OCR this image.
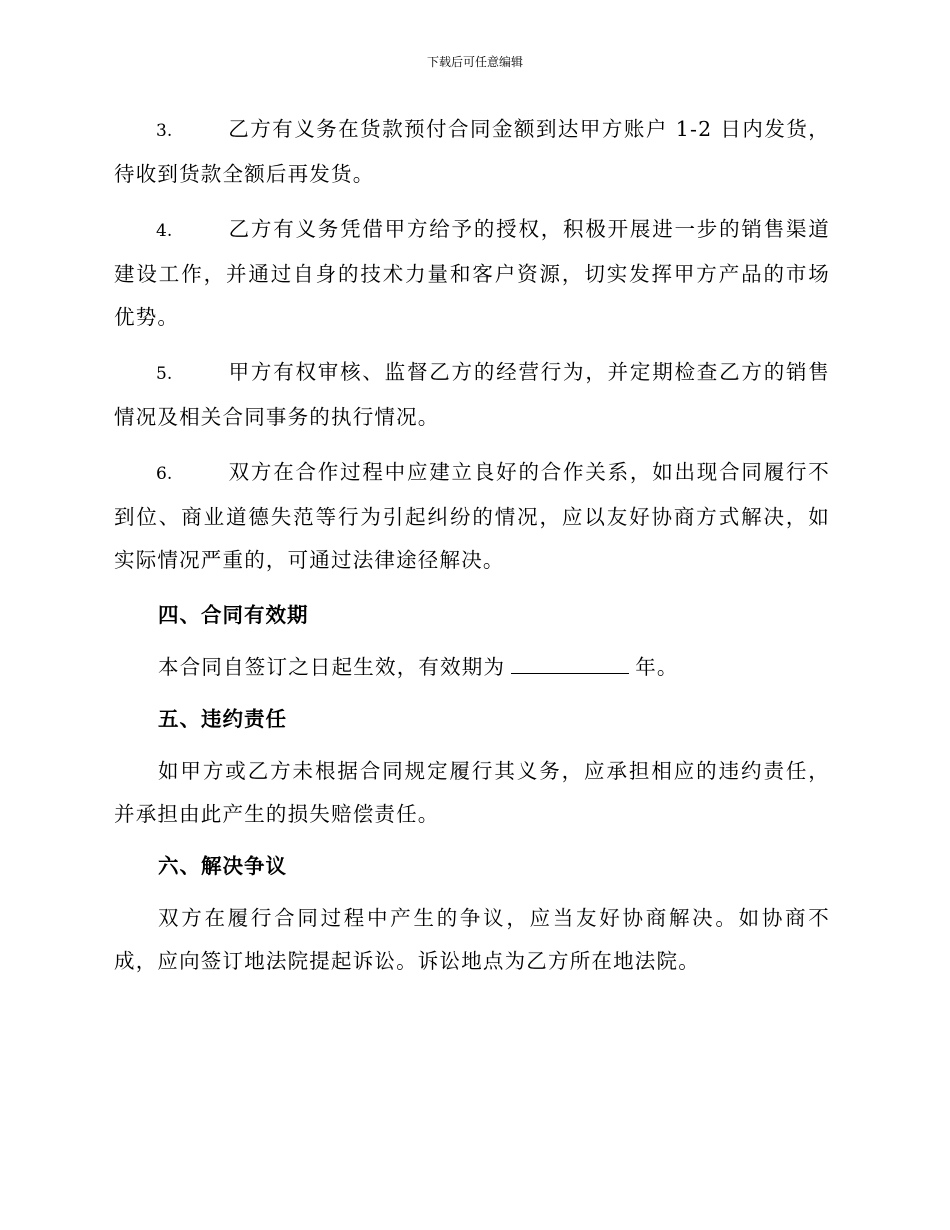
下载后可任意编辑

3.	乙方有义务在货款预付合同金额到达甲方账户 1-2 日内发货，待收到货款全额后再发货。

4.	乙方有义务凭借甲方给予的授权，积极开展进一步的销售渠道建设工作，并通过自身的技术力量和客户资源，切实发挥甲方产品的市场优势。

5.	甲方有权审核、监督乙方的经营行为，并定期检查乙方的销售情况及相关合同事务的执行情况。

6.	双方在合作过程中应建立良好的合作关系，如出现合同履行不到位、商业道德失范等行为引起纠纷的情况，应以友好协商方式解决，如实际情况严重的，可通过法律途径解决。

四、合同有效期

本合同自签订之日起生效，有效期为	年。

五、违约责任

如甲方或乙方未根据合同规定履行其义务，应承担相应的违约责任，并承担由此产生的损失赔偿责任。

六、解决争议

双方在履行合同过程中产生的争议，应当友好协商解决。如协商不成，应向签订地法院提起诉讼。诉讼地点为乙方所在地法院。
